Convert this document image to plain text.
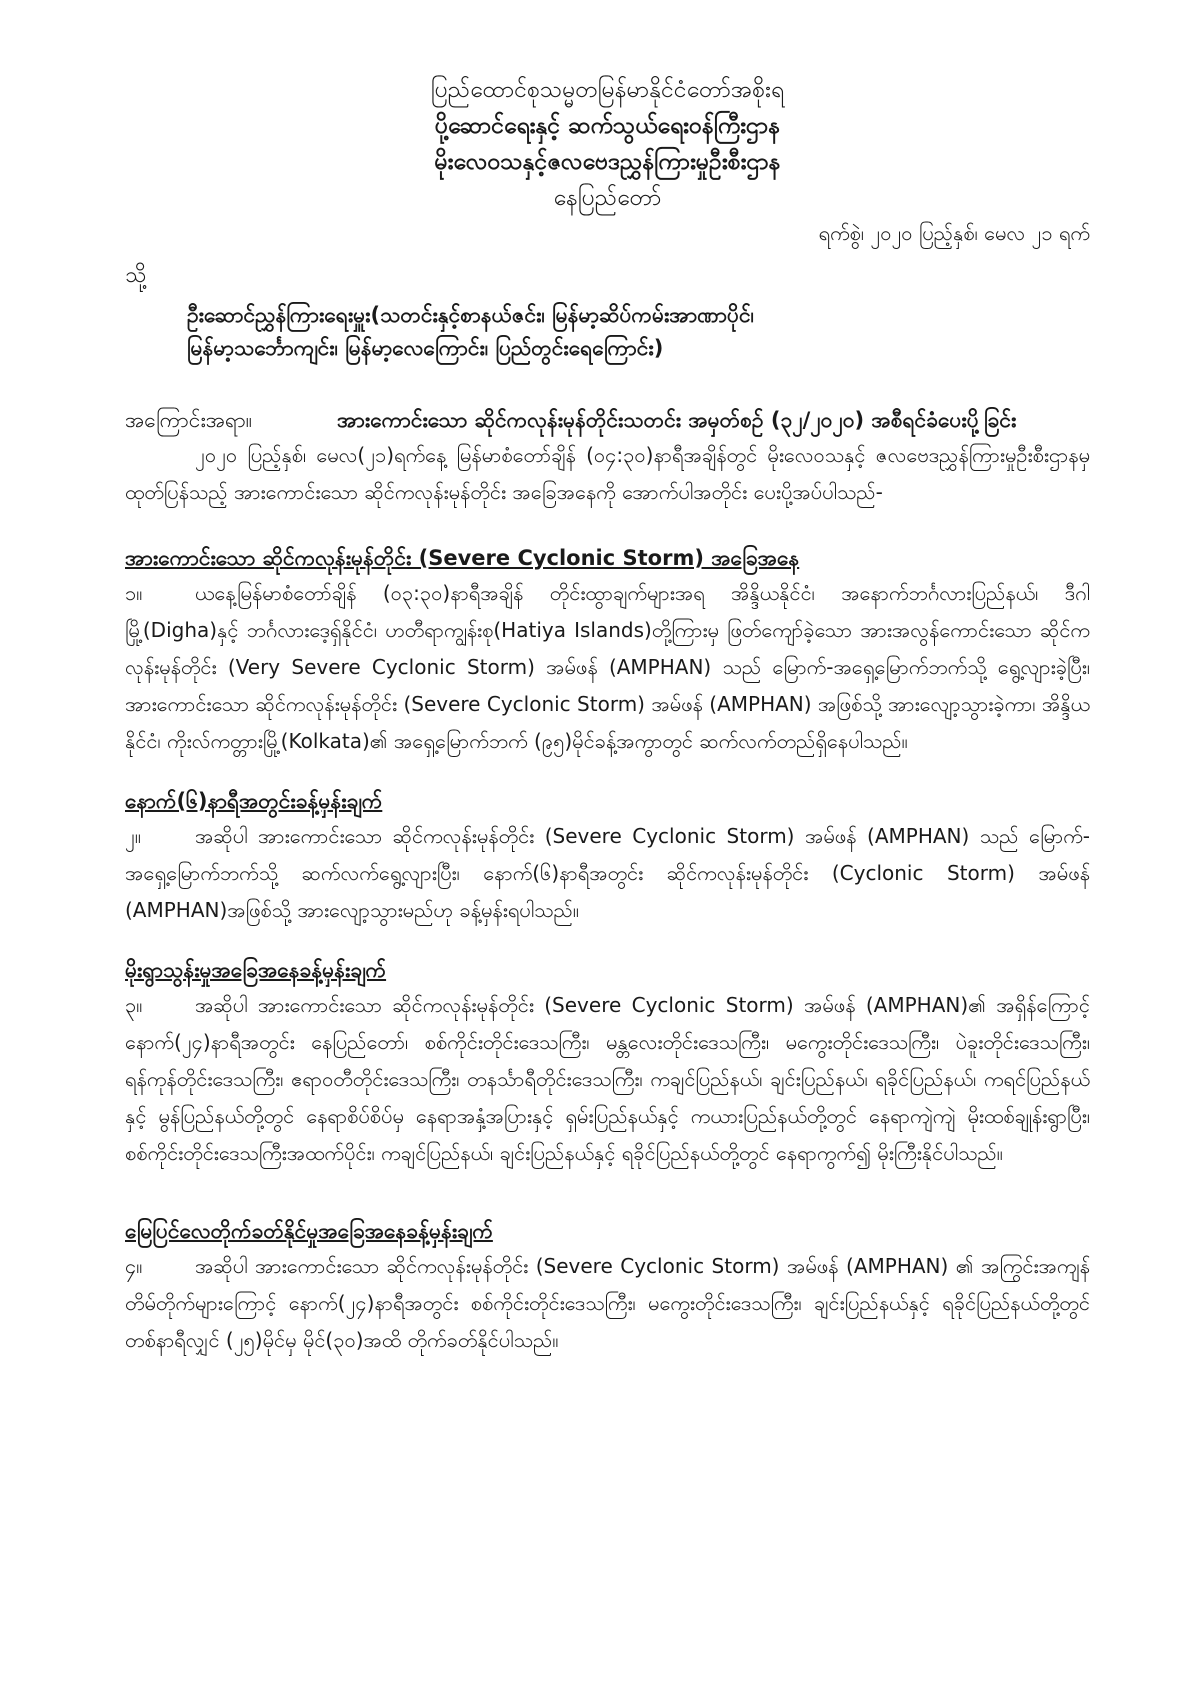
ပြည်ထောင်စုသမ္မတမြန်မာနိုင်ငံတော်အစိုးရ
ပို့ဆောင်ရေးနှင့် ဆက်သွယ်ရေးဝန်ကြီးဌာန
မိုးလေဝသနှင့်ဇလဗေဒညွှန်ကြားမှုဦးစီးဌာန
နေပြည်တော်
ရက်စွဲ၊ ၂၀၂၀ ပြည့်နှစ်၊ မေလ ၂၁ ရက်
သို့
ဦးဆောင်ညွှန်ကြားရေးမှူး(သတင်းနှင့်စာနယ်ဇင်း၊ မြန်မာ့ဆိပ်ကမ်းအာဏာပိုင်၊
မြန်မာ့သင်္ဘောကျင်း၊ မြန်မာ့လေကြောင်း၊ ပြည်တွင်းရေကြောင်း)
အကြောင်းအရာ။	အားကောင်းသော ဆိုင်ကလုန်းမုန်တိုင်းသတင်း အမှတ်စဉ် (၃၂/၂၀၂၀) အစီရင်ခံပေးပို့ခြင်း

၂၀၂၀ ပြည့်နှစ်၊ မေလ(၂၁)ရက်နေ့ မြန်မာစံတော်ချိန် (၀၄:၃၀)နာရီအချိန်တွင် မိုးလေဝသနှင့် ဇလဗေဒညွှန်ကြားမှုဦးစီးဌာနမှ ထုတ်ပြန်သည့် အားကောင်းသော ဆိုင်ကလုန်းမုန်တိုင်း အခြေအနေကို အောက်ပါအတိုင်း ပေးပို့အပ်ပါသည်-

အားကောင်းသော ဆိုင်ကလုန်းမုန်တိုင်း (Severe Cyclonic Storm) အခြေအနေ
၁။	ယနေ့မြန်မာစံတော်ချိန် (၀၃:၃၀)နာရီအချိန် တိုင်းထွာချက်များအရ အိန္ဒိယနိုင်ငံ၊ အနောက်ဘင်္ဂလားပြည်နယ်၊ ဒီဂါမြို့(Digha)နှင့် ဘင်္ဂလားဒေ့ရှ်နိုင်ငံ၊ ဟတီရာကျွန်းစု(Hatiya Islands)တို့ကြားမှ ဖြတ်ကျော်ခဲ့သော အားအလွန်ကောင်းသော ဆိုင်ကလုန်းမုန်တိုင်း (Very Severe Cyclonic Storm) အမ်ဖန် (AMPHAN) သည် မြောက်-အရှေ့မြောက်ဘက်သို့ ရွေ့လျားခဲ့ပြီး၊ အားကောင်းသော ဆိုင်ကလုန်းမုန်တိုင်း (Severe Cyclonic Storm) အမ်ဖန် (AMPHAN) အဖြစ်သို့ အားလျော့သွားခဲ့ကာ၊ အိန္ဒိယနိုင်ငံ၊ ကိုးလ်ကတ္တားမြို့(Kolkata)၏ အရှေ့မြောက်ဘက် (၉၅)မိုင်ခန့်အကွာတွင် ဆက်လက်တည်ရှိနေပါသည်။
နောက်(၆)နာရီအတွင်းခန့်မှန်းချက်
၂။	အဆိုပါ အားကောင်းသော ဆိုင်ကလုန်းမုန်တိုင်း (Severe Cyclonic Storm) အမ်ဖန် (AMPHAN) သည် မြောက်-အရှေ့မြောက်ဘက်သို့ ဆက်လက်ရွေ့လျားပြီး၊ နောက်(၆)နာရီအတွင်း ဆိုင်ကလုန်းမုန်တိုင်း (Cyclonic Storm) အမ်ဖန် (AMPHAN)အဖြစ်သို့ အားလျော့သွားမည်ဟု ခန့်မှန်းရပါသည်။
မိုးရွာသွန်းမှုအခြေအနေခန့်မှန်းချက်
၃။	အဆိုပါ အားကောင်းသော ဆိုင်ကလုန်းမုန်တိုင်း (Severe Cyclonic Storm) အမ်ဖန် (AMPHAN)၏ အရှိန်ကြောင့် နောက်(၂၄)နာရီအတွင်း နေပြည်တော်၊ စစ်ကိုင်းတိုင်းဒေသကြီး၊ မန္တလေးတိုင်းဒေသကြီး၊ မကွေးတိုင်းဒေသကြီး၊ ပဲခူးတိုင်းဒေသကြီး၊ ရန်ကုန်တိုင်းဒေသကြီး၊ ဧရာဝတီတိုင်းဒေသကြီး၊ တနင်္သာရီတိုင်းဒေသကြီး၊ ကချင်ပြည်နယ်၊ ချင်းပြည်နယ်၊ ရခိုင်ပြည်နယ်၊ ကရင်ပြည်နယ်နှင့် မွန်ပြည်နယ်တို့တွင် နေရာစိပ်စိပ်မှ နေရာအနှံ့အပြားနှင့် ရှမ်းပြည်နယ်နှင့် ကယားပြည်နယ်တို့တွင် နေရာကျဲကျဲ မိုးထစ်ချုန်းရွာပြီး၊ စစ်ကိုင်းတိုင်းဒေသကြီးအထက်ပိုင်း၊ ကချင်ပြည်နယ်၊ ချင်းပြည်နယ်နှင့် ရခိုင်ပြည်နယ်တို့တွင် နေရာကွက်၍ မိုးကြီးနိုင်ပါသည်။
မြေပြင်လေတိုက်ခတ်နိုင်မှုအခြေအနေခန့်မှန်းချက်
၄။	အဆိုပါ အားကောင်းသော ဆိုင်ကလုန်းမုန်တိုင်း (Severe Cyclonic Storm) အမ်ဖန် (AMPHAN) ၏ အကြွင်းအကျန် တိမ်တိုက်များကြောင့် နောက်(၂၄)နာရီအတွင်း စစ်ကိုင်းတိုင်းဒေသကြီး၊ မကွေးတိုင်းဒေသကြီး၊ ချင်းပြည်နယ်နှင့် ရခိုင်ပြည်နယ်တို့တွင် တစ်နာရီလျှင် (၂၅)မိုင်မှ မိုင်(၃၀)အထိ တိုက်ခတ်နိုင်ပါသည်။
